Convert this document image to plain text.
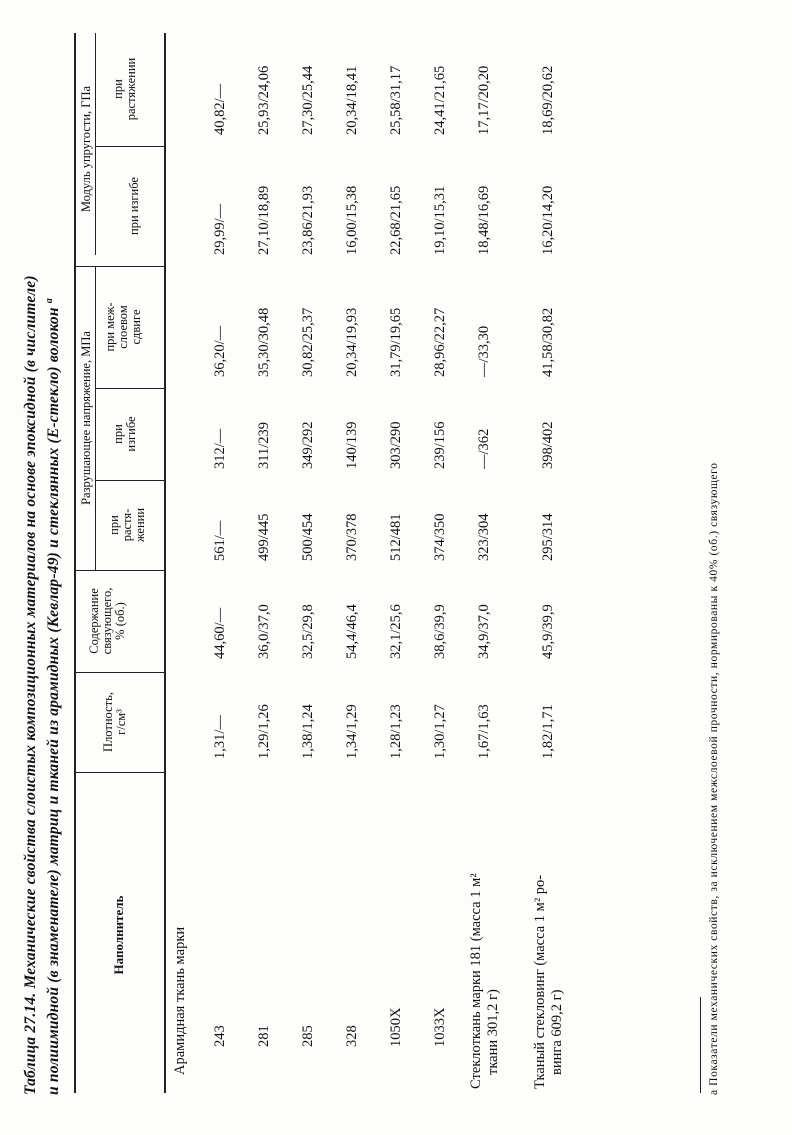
Таблица 27.14. Механические свойства слоистых композиционных материалов на основе эпоксидной (в числителе) и полиимидной (в знаменателе) матриц и тканей из арамидных (Кевлар-49) и стеклянных (E-стекло) волокон $^а$
Наполнитель
Плотность, г/см³
Содержание связующего, % (об.)
Разрушающее напряжение, МПа
при растя- жении
при изгибе
при меж- слоевом сдвиге
Модуль упругости, ГПа	при изгибе
при растяжении
Арамидная ткань марки 243
1,31/—
44,60/—
561/—
312/—
36,20/—
29,99/—
40,82/—
281
1,29/1,26
36,0/37,0
499/445
311/239
35,30/30,48
27,10/18,89
25,93/24,06
285
1,38/1,24
32,5/29,8
500/454
349/292
30,82/25,37
23,86/21,93
27,30/25,44
328
1,34/1,29
54,4/46,4
370/378
140/139
20,34/19,93
16,00/15,38
20,34/18,41
1050X
1,28/1,23
32,1/25,6
512/481
303/290
31,79/19,65
22,68/21,65
25,58/31,17
1033X
1,30/1,27
38,6/39,9
374/350
239/156
28,96/22,27
19,10/15,31
24,41/21,65
Стеклоткань марки 181 (масса 1 м² ткани 301,2 г)
1,67/1,63
34,9/37,0
323/304
—/362
—/33,30
18,48/16,69
17,17/20,20
Тканый стекловинг (масса 1 м² ро- винга 609,2 г)
1,82/1,71
45,9/39,9
295/314
398/402
41,58/30,82
16,20/14,20
18,69/20,62
а Показатели механических свойств, за исключением межслоевой прочности, нормированы к 40% (об.) связующего
